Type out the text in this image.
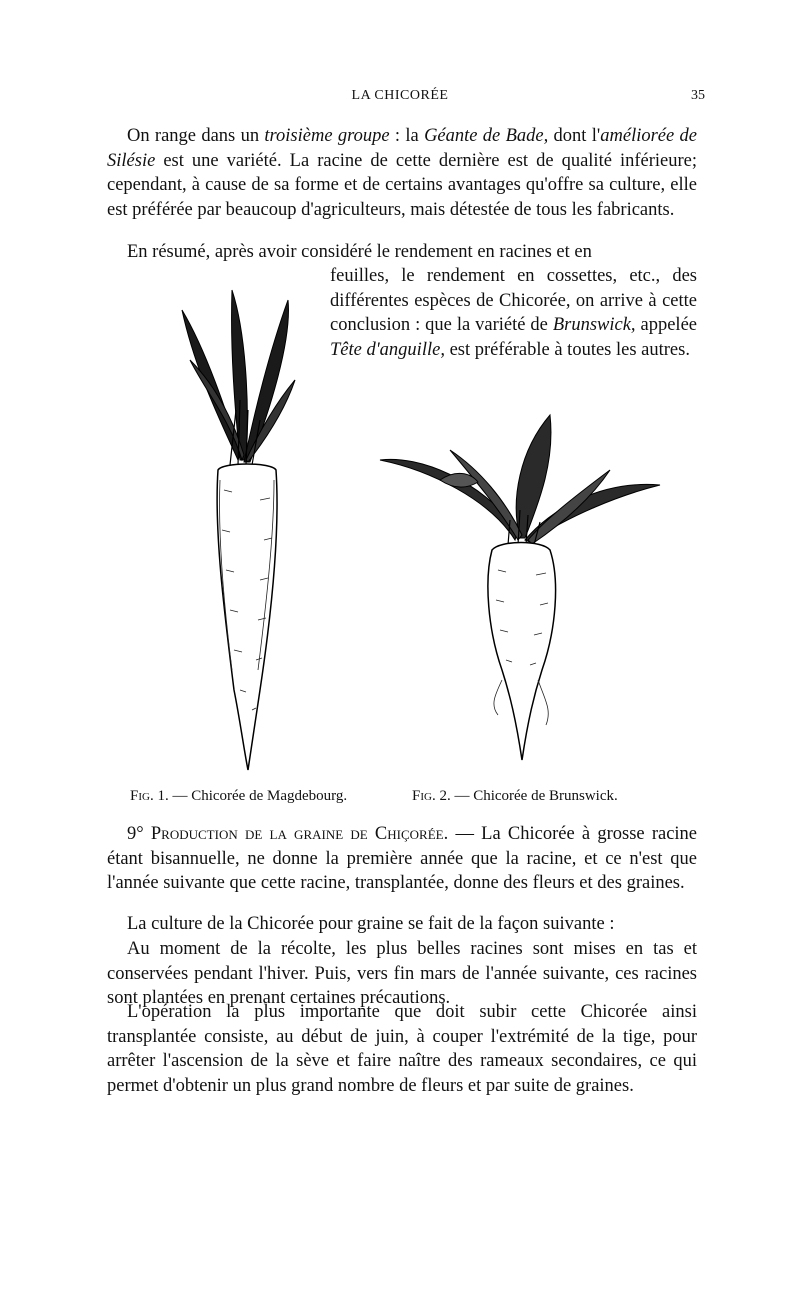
LA CHICORÉE	35

On range dans un troisième groupe : la Géante de Bade, dont l'améliorée de Silésie est une variété. La racine de cette dernière est de qualité inférieure; cependant, à cause de sa forme et de certains avantages qu'offre sa culture, elle est préférée par beaucoup d'agriculteurs, mais détestée de tous les fabricants.

En résumé, après avoir considéré le rendement en racines et en

feuilles, le rendement en cossettes, etc., des différentes espèces de Chicorée, on arrive à cette conclusion : que la variété de Brunswick, appelée Tête d'anguille, est préférable à toutes les autres.

Fig. 1. — Chicorée de Magdebourg.	Fig. 2. — Chicorée de Brunswick.

9° Production de la graine de Chiçorée. — La Chicorée à grosse racine étant bisannuelle, ne donne la première année que la racine, et ce n'est que l'année suivante que cette racine, transplantée, donne des fleurs et des graines.

La culture de la Chicorée pour graine se fait de la façon suivante :

Au moment de la récolte, les plus belles racines sont mises en tas et conservées pendant l'hiver. Puis, vers fin mars de l'année suivante, ces racines sont plantées en prenant certaines précautions.

L'opération la plus importante que doit subir cette Chicorée ainsi transplantée consiste, au début de juin, à couper l'extrémité de la tige, pour arrêter l'ascension de la sève et faire naître des rameaux secondaires, ce qui permet d'obtenir un plus grand nombre de fleurs et par suite de graines.
